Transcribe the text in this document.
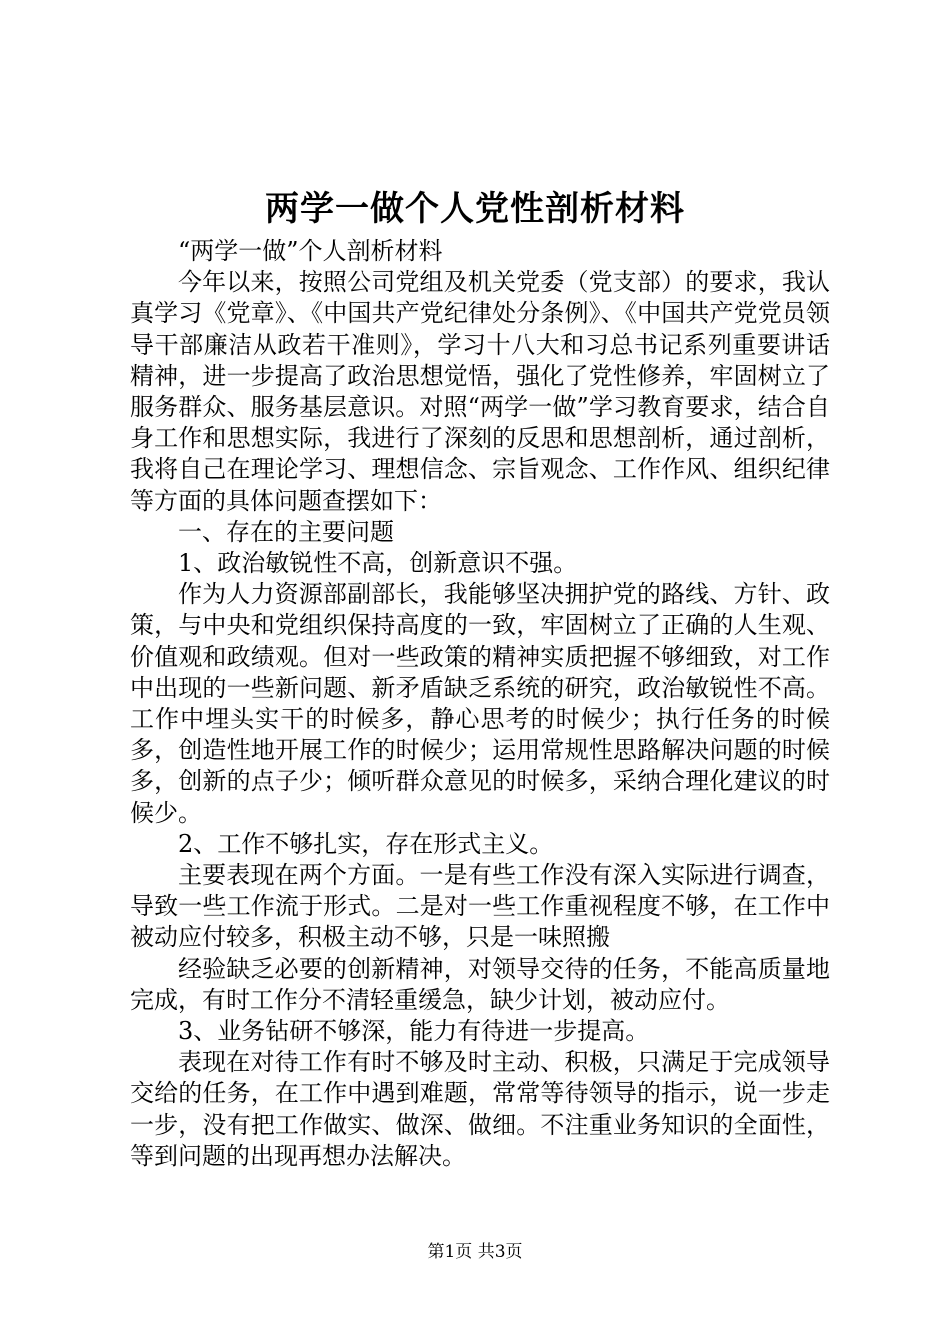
两学一做个人党性剖析材料

“两学一做”个人剖析材料

今年以来，按照公司党组及机关党委（党支部）的要求，我认真学习《党章》、《中国共产党纪律处分条例》、《中国共产党党员领导干部廉洁从政若干准则》，学习十八大和习总书记系列重要讲话精神，进一步提高了政治思想觉悟，强化了党性修养，牢固树立了服务群众、服务基层意识。对照“两学一做”学习教育要求，结合自身工作和思想实际，我进行了深刻的反思和思想剖析，通过剖析，我将自己在理论学习、理想信念、宗旨观念、工作作风、组织纪律等方面的具体问题查摆如下：

一、存在的主要问题

1、政治敏锐性不高，创新意识不强。

作为人力资源部副部长，我能够坚决拥护党的路线、方针、政策，与中央和党组织保持高度的一致，牢固树立了正确的人生观、价值观和政绩观。但对一些政策的精神实质把握不够细致，对工作中出现的一些新问题、新矛盾缺乏系统的研究，政治敏锐性不高。工作中埋头实干的时候多，静心思考的时候少；执行任务的时候多，创造性地开展工作的时候少；运用常规性思路解决问题的时候多，创新的点子少；倾听群众意见的时候多，采纳合理化建议的时候少。

2、工作不够扎实，存在形式主义。

主要表现在两个方面。一是有些工作没有深入实际进行调查，导致一些工作流于形式。二是对一些工作重视程度不够，在工作中被动应付较多，积极主动不够，只是一味照搬

经验缺乏必要的创新精神，对领导交待的任务，不能高质量地完成，有时工作分不清轻重缓急，缺少计划，被动应付。

3、业务钻研不够深，能力有待进一步提高。

表现在对待工作有时不够及时主动、积极，只满足于完成领导交给的任务，在工作中遇到难题，常常等待领导的指示，说一步走一步，没有把工作做实、做深、做细。不注重业务知识的全面性，等到问题的出现再想办法解决。

第1页 共3页
